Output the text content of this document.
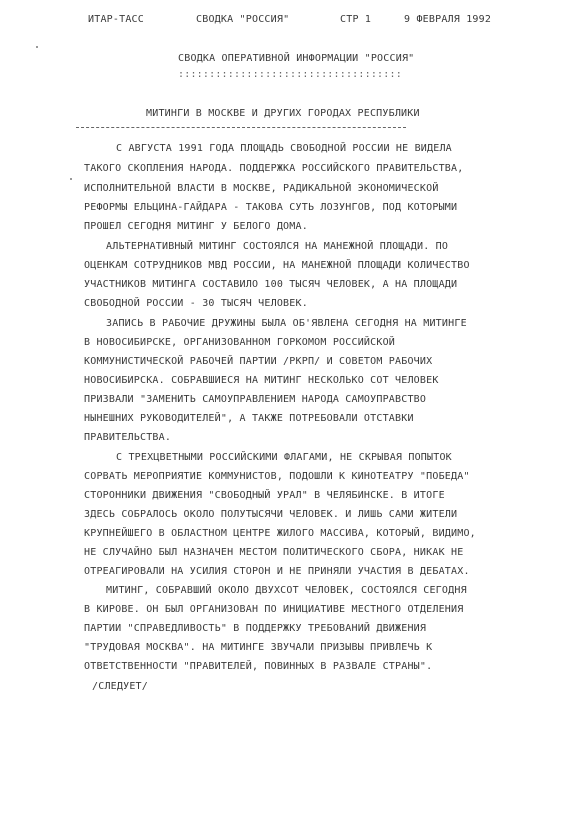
ИТАР-ТАСС	СВОДКА "РОССИЯ"	СТР 1	9 ФЕВРАЛЯ 1992
СВОДКА ОПЕРАТИВНОЙ ИНФОРМАЦИИ "РОССИЯ"
::::::::::::::::::::::::::::::::::::
МИТИНГИ В МОСКВЕ И ДРУГИХ ГОРОДАХ РЕСПУБЛИКИ
С АВГУСТА 1991 ГОДА ПЛОЩАДЬ СВОБОДНОЙ РОССИИ НЕ ВИДЕЛА
ТАКОГО СКОПЛЕНИЯ НАРОДА. ПОДДЕРЖКА РОССИЙСКОГО ПРАВИТЕЛЬСТВА,
ИСПОЛНИТЕЛЬНОЙ ВЛАСТИ В МОСКВЕ, РАДИКАЛЬНОЙ ЭКОНОМИЧЕСКОЙ
РЕФОРМЫ ЕЛЬЦИНА-ГАЙДАРА - ТАКОВА СУТЬ ЛОЗУНГОВ, ПОД КОТОРЫМИ
ПРОШЕЛ СЕГОДНЯ МИТИНГ У БЕЛОГО ДОМА.
АЛЬТЕРНАТИВНЫЙ МИТИНГ СОСТОЯЛСЯ НА МАНЕЖНОЙ ПЛОЩАДИ. ПО
ОЦЕНКАМ СОТРУДНИКОВ МВД РОССИИ, НА МАНЕЖНОЙ ПЛОЩАДИ КОЛИЧЕСТВО
УЧАСТНИКОВ МИТИНГА СОСТАВИЛО 100 ТЫСЯЧ ЧЕЛОВЕК, А НА ПЛОЩАДИ
СВОБОДНОЙ РОССИИ - 30 ТЫСЯЧ ЧЕЛОВЕК.
ЗАПИСЬ В РАБОЧИЕ ДРУЖИНЫ БЫЛА ОБ'ЯВЛЕНА СЕГОДНЯ НА МИТИНГЕ
В НОВОСИБИРСКЕ, ОРГАНИЗОВАННОМ ГОРКОМОМ РОССИЙСКОЙ
КОММУНИСТИЧЕСКОЙ РАБОЧЕЙ ПАРТИИ /РКРП/ И СОВЕТОМ РАБОЧИХ
НОВОСИБИРСКА. СОБРАВШИЕСЯ НА МИТИНГ НЕСКОЛЬКО СОТ ЧЕЛОВЕК
ПРИЗВАЛИ "ЗАМЕНИТЬ САМОУПРАВЛЕНИЕМ НАРОДА САМОУПРАВСТВО
НЫНЕШНИХ РУКОВОДИТЕЛЕЙ", А ТАКЖЕ ПОТРЕБОВАЛИ ОТСТАВКИ
ПРАВИТЕЛЬСТВА.
С ТРЕХЦВЕТНЫМИ РОССИЙСКИМИ ФЛАГАМИ, НЕ СКРЫВАЯ ПОПЫТОК
СОРВАТЬ МЕРОПРИЯТИЕ КОММУНИСТОВ, ПОДОШЛИ К КИНОТЕАТРУ "ПОБЕДА"
СТОРОННИКИ ДВИЖЕНИЯ "СВОБОДНЫЙ УРАЛ" В ЧЕЛЯБИНСКЕ. В ИТОГЕ
ЗДЕСЬ СОБРАЛОСЬ ОКОЛО ПОЛУТЫСЯЧИ ЧЕЛОВЕК. И ЛИШЬ САМИ ЖИТЕЛИ
КРУПНЕЙШЕГО В ОБЛАСТНОМ ЦЕНТРЕ ЖИЛОГО МАССИВА, КОТОРЫЙ, ВИДИМО,
НЕ СЛУЧАЙНО БЫЛ НАЗНАЧЕН МЕСТОМ ПОЛИТИЧЕСКОГО СБОРА, НИКАК НЕ
ОТРЕАГИРОВАЛИ НА УСИЛИЯ СТОРОН И НЕ ПРИНЯЛИ УЧАСТИЯ В ДЕБАТАХ.
МИТИНГ, СОБРАВШИЙ ОКОЛО ДВУХСОТ ЧЕЛОВЕК, СОСТОЯЛСЯ СЕГОДНЯ
В КИРОВЕ. ОН БЫЛ ОРГАНИЗОВАН ПО ИНИЦИАТИВЕ МЕСТНОГО ОТДЕЛЕНИЯ
ПАРТИИ "СПРАВЕДЛИВОСТЬ" В ПОДДЕРЖКУ ТРЕБОВАНИЙ ДВИЖЕНИЯ
"ТРУДОВАЯ МОСКВА". НА МИТИНГЕ ЗВУЧАЛИ ПРИЗЫВЫ ПРИВЛЕЧЬ К
ОТВЕТСТВЕННОСТИ "ПРАВИТЕЛЕЙ, ПОВИННЫХ В РАЗВАЛЕ СТРАНЫ".
/СЛЕДУЕТ/
